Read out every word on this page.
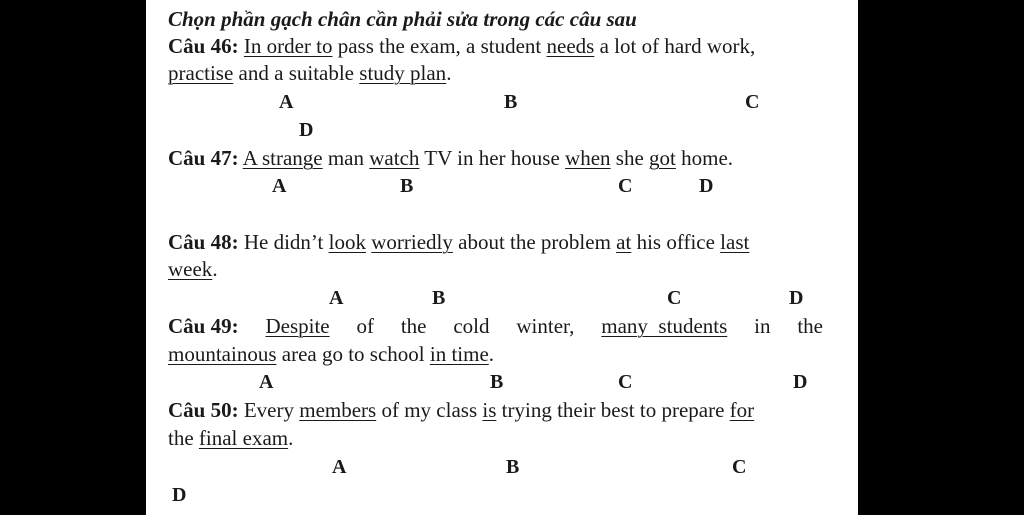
Chọn phần gạch chân cần phải sửa trong các câu sau
Câu 46: In order to pass the exam, a student needs a lot of hard work,
practise and a suitable study plan.
A	B	C
D
Câu 47: A strange man watch TV in her house when she got home.
A	B	C	D
Câu 48: He didn’t look worriedly about the problem at his office last
week.
A	B	C	D
Câu 49: Despite of the cold winter, many  students in the
mountainous area go to school in time.
A	B	C	D
Câu 50: Every members of my class is trying their best to prepare for
the final exam.
A	B	C
D
